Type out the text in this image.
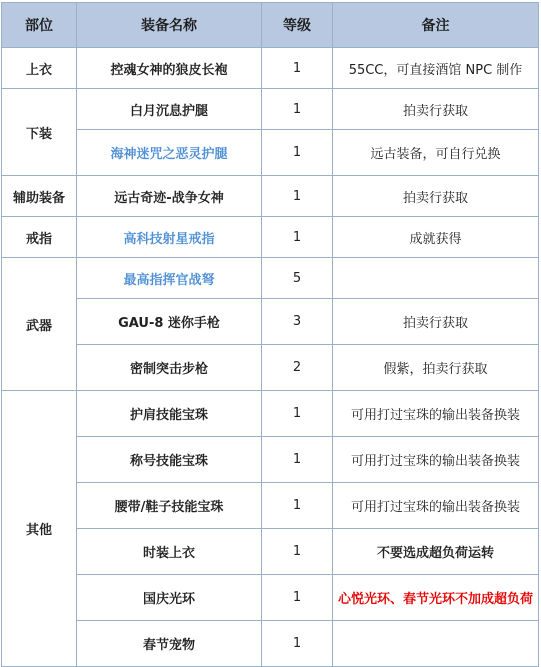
部位	装备名称	等级	备注
上衣	控魂女神的狼皮长袍	1	55CC，可直接酒馆 NPC 制作
下装	白月沉息护腿	1	拍卖行获取
	海神迷咒之恶灵护腿	1	远古装备，可自行兑换
辅助装备	远古奇迹-战争女神	1	拍卖行获取
戒指	高科技射星戒指	1	成就获得
武器	最高指挥官战弩	5	
	GAU-8 迷你手枪	3	拍卖行获取
	密制突击步枪	2	假紫，拍卖行获取
其他	护肩技能宝珠	1	可用打过宝珠的输出装备换装
	称号技能宝珠	1	可用打过宝珠的输出装备换装
	腰带/鞋子技能宝珠	1	可用打过宝珠的输出装备换装
	时装上衣	1	不要选成超负荷运转
	国庆光环	1	心悦光环、春节光环不加成超负荷
	春节宠物	1	
